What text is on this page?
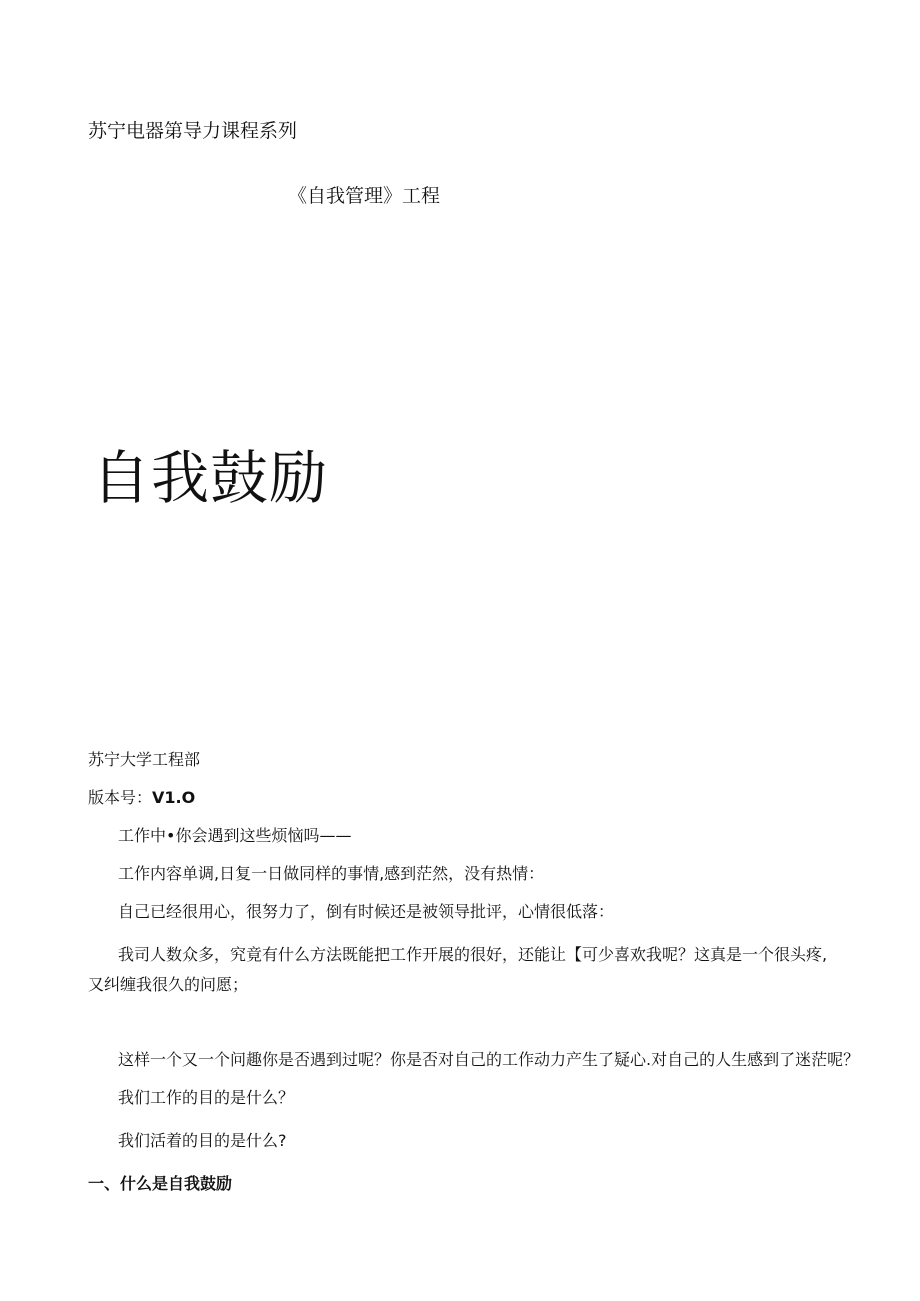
苏宁电器第导力课程系列
《自我管理》工程
自我鼓励
苏宁大学工程部
版本号：V1.O

工作中•你会遇到这些烦恼吗——

工作内容单调,日复一日做同样的事情,感到茫然，没有热情：

自己已经很用心，很努力了，倒有时候还是被领导批评，心情很低落：

我司人数众多，究竟有什么方法既能把工作开展的很好，还能让【可少喜欢我呢？这真是一个很头疼,又纠缠我很久的问愿；

这样一个又一个问趣你是否遇到过呢？你是否对自己的工作动力产生了疑心.对自己的人生感到了迷茫呢？

我们工作的目的是什么？

我们活着的目的是什么?

一、什么是自我鼓励
